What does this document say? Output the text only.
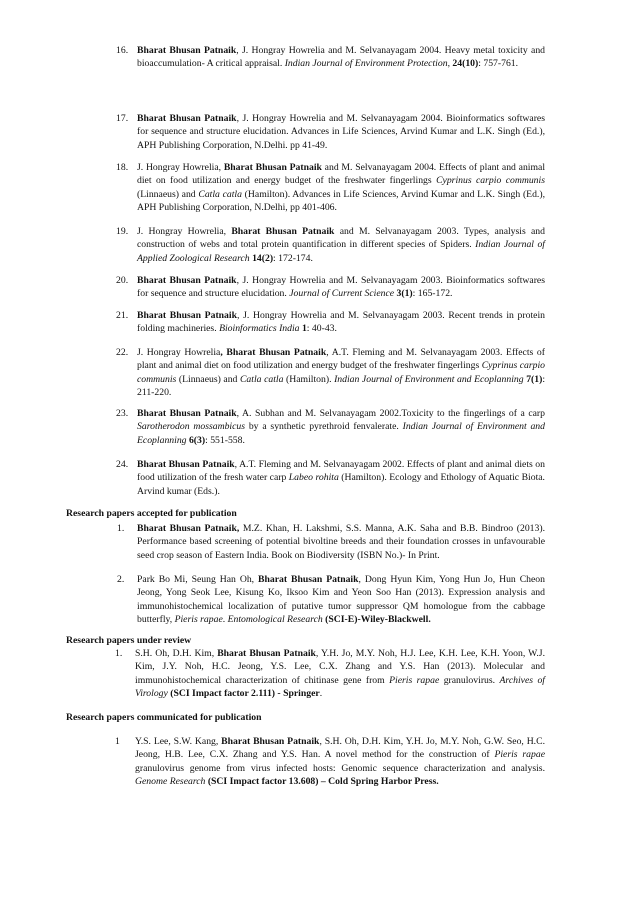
16. Bharat Bhusan Patnaik, J. Hongray Howrelia and M. Selvanayagam 2004. Heavy metal toxicity and bioaccumulation- A critical appraisal. Indian Journal of Environment Protection, 24(10): 757-761.
17. Bharat Bhusan Patnaik, J. Hongray Howrelia and M. Selvanayagam 2004. Bioinformatics softwares for sequence and structure elucidation. Advances in Life Sciences, Arvind Kumar and L.K. Singh (Ed.), APH Publishing Corporation, N.Delhi. pp 41-49.
18. J. Hongray Howrelia, Bharat Bhusan Patnaik and M. Selvanayagam 2004. Effects of plant and animal diet on food utilization and energy budget of the freshwater fingerlings Cyprinus carpio communis (Linnaeus) and Catla catla (Hamilton). Advances in Life Sciences, Arvind Kumar and L.K. Singh (Ed.), APH Publishing Corporation, N.Delhi, pp 401-406.
19. J. Hongray Howrelia, Bharat Bhusan Patnaik and M. Selvanayagam 2003. Types, analysis and construction of webs and total protein quantification in different species of Spiders. Indian Journal of Applied Zoological Research 14(2): 172-174.
20. Bharat Bhusan Patnaik, J. Hongray Howrelia and M. Selvanayagam 2003. Bioinformatics softwares for sequence and structure elucidation. Journal of Current Science 3(1): 165-172.
21. Bharat Bhusan Patnaik, J. Hongray Howrelia and M. Selvanayagam 2003. Recent trends in protein folding machineries. Bioinformatics India 1: 40-43.
22. J. Hongray Howrelia, Bharat Bhusan Patnaik, A.T. Fleming and M. Selvanayagam 2003. Effects of plant and animal diet on food utilization and energy budget of the freshwater fingerlings Cyprinus carpio communis (Linnaeus) and Catla catla (Hamilton). Indian Journal of Environment and Ecoplanning 7(1): 211-220.
23. Bharat Bhusan Patnaik, A. Subhan and M. Selvanayagam 2002.Toxicity to the fingerlings of a carp Sarotherodon mossambicus by a synthetic pyrethroid fenvalerate. Indian Journal of Environment and Ecoplanning 6(3): 551-558.
24. Bharat Bhusan Patnaik, A.T. Fleming and M. Selvanayagam 2002. Effects of plant and animal diets on food utilization of the fresh water carp Labeo rohita (Hamilton). Ecology and Ethology of Aquatic Biota. Arvind kumar (Eds.).
Research papers accepted for publication
1. Bharat Bhusan Patnaik, M.Z. Khan, H. Lakshmi, S.S. Manna, A.K. Saha and B.B. Bindroo (2013). Performance based screening of potential bivoltine breeds and their foundation crosses in unfavourable seed crop season of Eastern India. Book on Biodiversity (ISBN No.)- In Print.
2. Park Bo Mi, Seung Han Oh, Bharat Bhusan Patnaik, Dong Hyun Kim, Yong Hun Jo, Hun Cheon Jeong, Yong Seok Lee, Kisung Ko, Iksoo Kim and Yeon Soo Han (2013). Expression analysis and immunohistochemical localization of putative tumor suppressor QM homologue from the cabbage butterfly, Pieris rapae. Entomological Research (SCI-E)-Wiley-Blackwell.
Research papers under review
1. S.H. Oh, D.H. Kim, Bharat Bhusan Patnaik, Y.H. Jo, M.Y. Noh, H.J. Lee, K.H. Lee, K.H. Yoon, W.J. Kim, J.Y. Noh, H.C. Jeong, Y.S. Lee, C.X. Zhang and Y.S. Han (2013). Molecular and immunohistochemical characterization of chitinase gene from Pieris rapae granulovirus. Archives of Virology (SCI Impact factor 2.111) - Springer.
Research papers communicated for publication
1 Y.S. Lee, S.W. Kang, Bharat Bhusan Patnaik, S.H. Oh, D.H. Kim, Y.H. Jo, M.Y. Noh, G.W. Seo, H.C. Jeong, H.B. Lee, C.X. Zhang and Y.S. Han. A novel method for the construction of Pieris rapae granulovirus genome from virus infected hosts: Genomic sequence characterization and analysis. Genome Research (SCI Impact factor 13.608) – Cold Spring Harbor Press.
